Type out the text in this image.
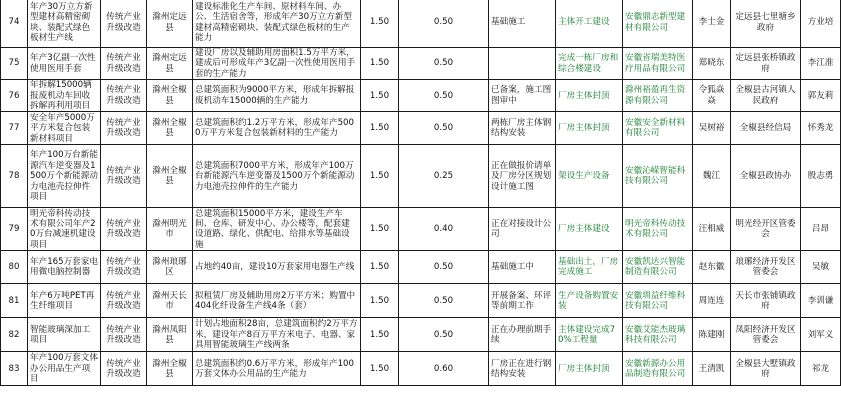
74	年产30万立方新型建材高精密砌块、装配式绿色板材生产线	传统产业升级改造	滁州定远县	建设标准化生产车间、原材料车间、办公、生活宿舍等，形成年产30万立方新型建材高精密砌块、装配式绿色板材的生产能力	1.50	0.50	基础施工	主体开工建设	安徽鼎志新型建材有限公司	李士金	定远县七里塘乡政府	方业培
75	年产3亿副一次性使用医用手套	传统产业升级改造	滁州定远县	建设厂房以及辅助用房面积1.5万平方米，建成后可形成年产3亿副一次性使用医用手套的生产能力	1.50	0.50		完成一栋厂房和综合楼建设	安徽省瑞美特医疗用品有限公司	郑晓东	定远县张桥镇政府	李江准
76	年拆解15000辆报废机动车回收拆解再利用项目	传统产业升级改造	滁州全椒县	总建筑面积为9000平方米，形成年拆解报废机动车15000辆的生产能力	1.50	0.50	已备案，施工图图审中	厂房主体封顶	滁州裕盈再生资源有限公司	令狐焱焱	全椒县古河镇人民政府	郭友莉
77	安全年产5000万平方米复合包装新材料项目	传统产业升级改造	滁州全椒县	总建筑面积约1.2万平方米，形成年产5000万平方米复合包装新材料的生产能力	1.50	0.50	两栋厂房主体钢结构安装	厂房主体封顶	安徽安全新材料有限公司	吴树裕	全椒县经信局	怀秀龙
78	年产100万台新能源汽车逆变器及1500万个新能源动力电池壳拉伸件项目	传统产业升级改造	滁州全椒县	总建筑面积7000平方米，形成年产100万台新能源汽车逆变器及1500万个新能源动力电池壳拉伸件的生产能力	1.50	0.25	正在做报价请单及厂房分区规划设计施工图	架设生产设备	安徽沁嵘智能科技有限公司	魏江	全椒县政协办	殷志勇
79	明光帝科传动技术有限公司年产20万台减速机建设项目	传统产业升级改造	滁州明光市	总建筑面积15000平方米，建设生产车间、仓库、研发中心、办公楼等，配套建设道路、绿化、供配电、给排水等基础设施	1.50	0.40	正在对接设计公司	厂房主体建设	明光帝科传动技术有限公司	汪相威	明光经开区管委会	吕昂
80	年产165万套家电用微电脑控制器	传统产业升级改造	滁州琅琊区	占地约40亩，建设10万套家用电器生产线	1.50	0.50	基础施工中	基础出土，厂房完成施工	安徽凯达兴智能制造有限公司	赵东徽	琅琊经济开发区管委会	吴敏
81	年产6万吨PET再生纤维项目	传统产业升级改造	滁州天长市	拟租赁厂房及辅助用房2万平方米；购置中404化纤设备生产线4条（套）	1.50	0.50	开展备案、环评等前期工作	生产设备购置安装	安徽圳益纤维科技有限公司	周连连	天长市张铺镇政府	李训谦
82	智能玻璃深加工项目	传统产业升级改造	滁州凤阳县	计划占地面积28亩，总建筑面积约2万平方米，建设年产8百万平方米电子、电器、家具用智能玻璃生产线两条	1.50	0.50	正在办理前期手续	主体建设完成70%工程量	安徽艾能杰玻璃科技有限公司	陈建刚	凤阳经济开发区管委会	刘军义
83	年产100万套文体办公用品生产项目	传统产业升级改造	滁州全椒县	总建筑面积约0.6万平方米，形成年产100万套文体办公用品的生产能力	1.50	0.60	厂房正在进行钢结构安装	厂房主体封顶	安徽新源办公用品制造有限公司	王清凯	全椒县大墅镇政府	祁龙
